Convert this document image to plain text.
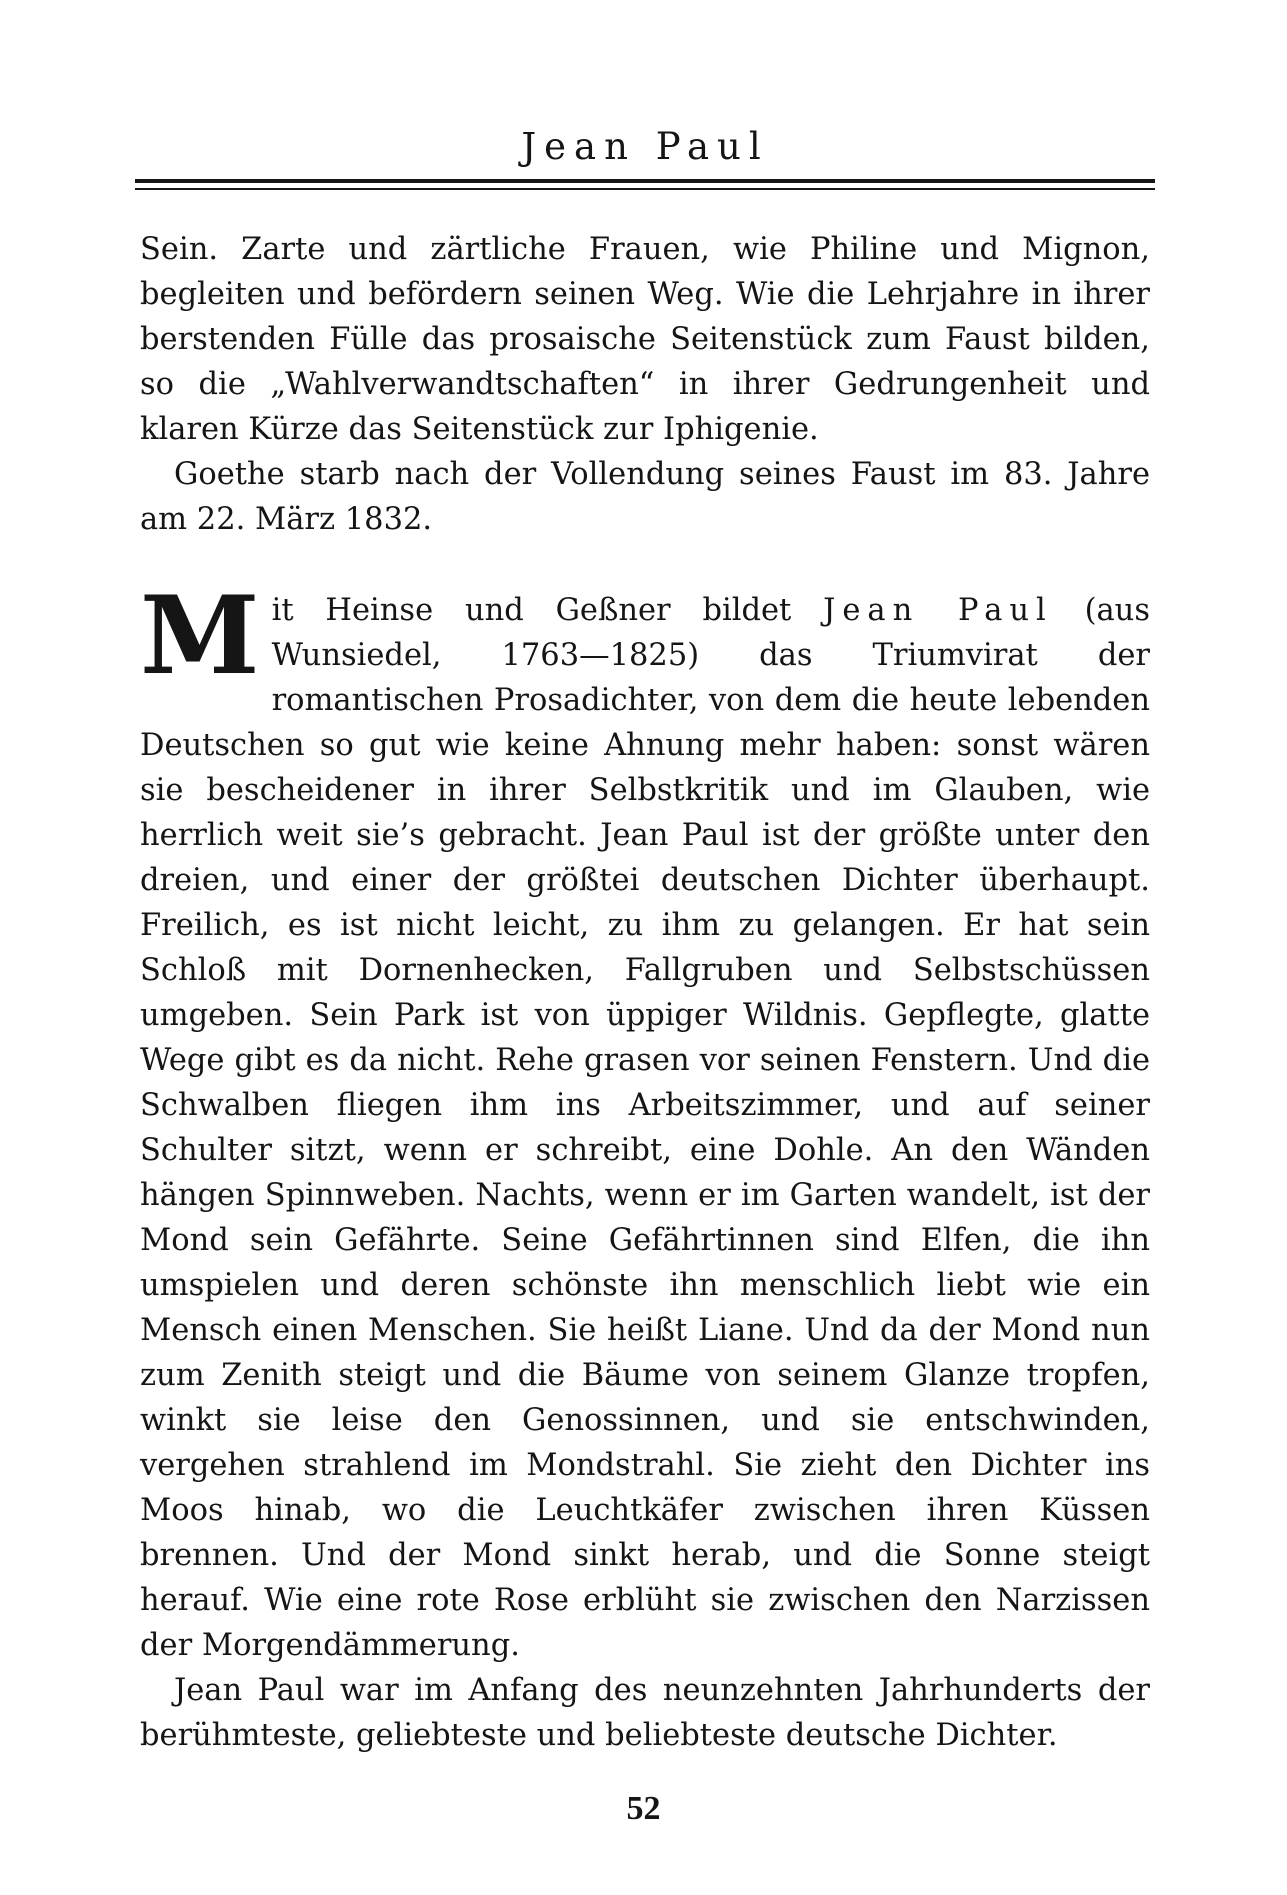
Jean Paul

Sein. Zarte und zärtliche Frauen, wie Philine und Mignon, begleiten und befördern seinen Weg. Wie die Lehrjahre in ihrer berstenden Fülle das prosaische Seitenstück zum Faust bilden, so die „Wahlverwandtschaften“ in ihrer Gedrungenheit und klaren Kürze das Seitenstück zur Iphigenie.

Goethe starb nach der Vollendung seines Faust im 83. Jahre am 22. März 1832.

Mit Heinse und Geßner bildet Jean Paul (aus Wunsiedel, 1763—1825) das Triumvirat der romantischen Prosadichter, von dem die heute lebenden Deutschen so gut wie keine Ahnung mehr haben: sonst wären sie bescheidener in ihrer Selbstkritik und im Glauben, wie herrlich weit sie’s gebracht. Jean Paul ist der größte unter den dreien, und einer der größtei deutschen Dichter überhaupt. Freilich, es ist nicht leicht, zu ihm zu gelangen. Er hat sein Schloß mit Dornenhecken, Fallgruben und Selbstschüssen umgeben. Sein Park ist von üppiger Wildnis. Gepflegte, glatte Wege gibt es da nicht. Rehe grasen vor seinen Fenstern. Und die Schwalben fliegen ihm ins Arbeitszimmer, und auf seiner Schulter sitzt, wenn er schreibt, eine Dohle. An den Wänden hängen Spinnweben. Nachts, wenn er im Garten wandelt, ist der Mond sein Gefährte. Seine Gefährtinnen sind Elfen, die ihn umspielen und deren schönste ihn menschlich liebt wie ein Mensch einen Menschen. Sie heißt Liane. Und da der Mond nun zum Zenith steigt und die Bäume von seinem Glanze tropfen, winkt sie leise den Genossinnen, und sie entschwinden, vergehen strahlend im Mondstrahl. Sie zieht den Dichter ins Moos hinab, wo die Leuchtkäfer zwischen ihren Küssen brennen. Und der Mond sinkt herab, und die Sonne steigt herauf. Wie eine rote Rose erblüht sie zwischen den Narzissen der Morgendämmerung.

Jean Paul war im Anfang des neunzehnten Jahrhunderts der berühmteste, geliebteste und beliebteste deutsche Dichter.

52
